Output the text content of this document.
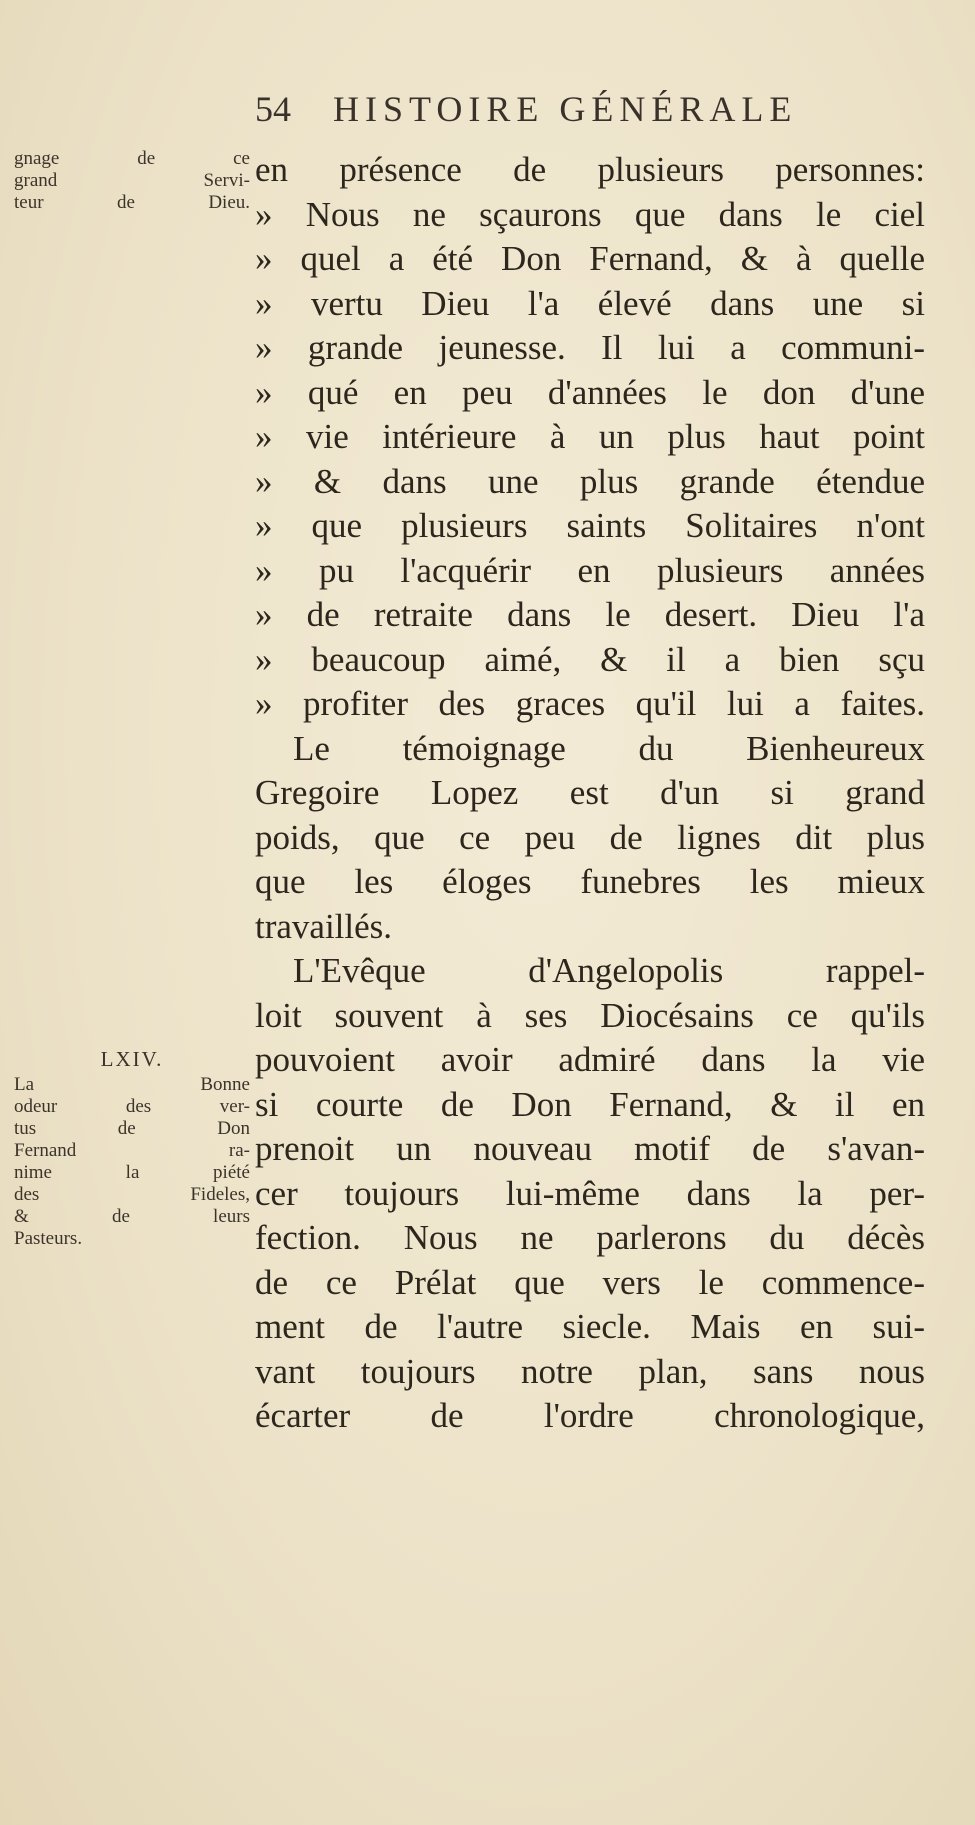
54 HISTOIRE GÉNÉRALE
gnage de ce
grand Servi-
teur de Dieu.
LXIV.
La Bonne
odeur des ver-
tus de Don
Fernand ra-
nime la piété
des Fideles,
& de leurs
Pasteurs.
en présence de plusieurs personnes:
» Nous ne sçaurons que dans le ciel
» quel a été Don Fernand, & à quelle
» vertu Dieu l'a élevé dans une si
» grande jeunesse. Il lui a communi-
» qué en peu d'années le don d'une
» vie intérieure à un plus haut point
» & dans une plus grande étendue
» que plusieurs saints Solitaires n'ont
» pu l'acquérir en plusieurs années
» de retraite dans le desert. Dieu l'a
» beaucoup aimé, & il a bien sçu
» profiter des graces qu'il lui a faites.
Le témoignage du Bienheureux
Gregoire Lopez est d'un si grand
poids, que ce peu de lignes dit plus
que les éloges funebres les mieux
travaillés.
L'Evêque d'Angelopolis rappel-
loit souvent à ses Diocésains ce qu'ils
pouvoient avoir admiré dans la vie
si courte de Don Fernand, & il en
prenoit un nouveau motif de s'avan-
cer toujours lui-même dans la per-
fection. Nous ne parlerons du décès
de ce Prélat que vers le commence-
ment de l'autre siecle. Mais en sui-
vant toujours notre plan, sans nous
écarter de l'ordre chronologique,
